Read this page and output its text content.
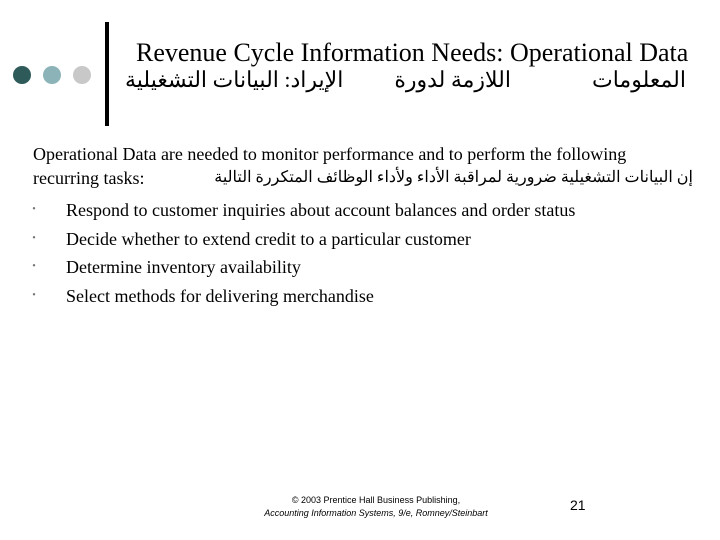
Revenue Cycle Information Needs: Operational Data
المعلومات  اللازمة لدورة  الإيراد: البيانات التشغيلية
Operational Data are needed to monitor performance and to perform the following
recurring tasks:	إن البيانات التشغيلية ضرورية لمراقبة الأداء ولأداء الوظائف المتكررة التالية
• Respond to customer inquiries about account balances and order status
• Decide whether to extend credit to a particular customer
• Determine inventory availability
• Select methods for delivering merchandise
© 2003 Prentice Hall Business Publishing,
Accounting Information Systems, 9/e, Romney/Steinbart	21
